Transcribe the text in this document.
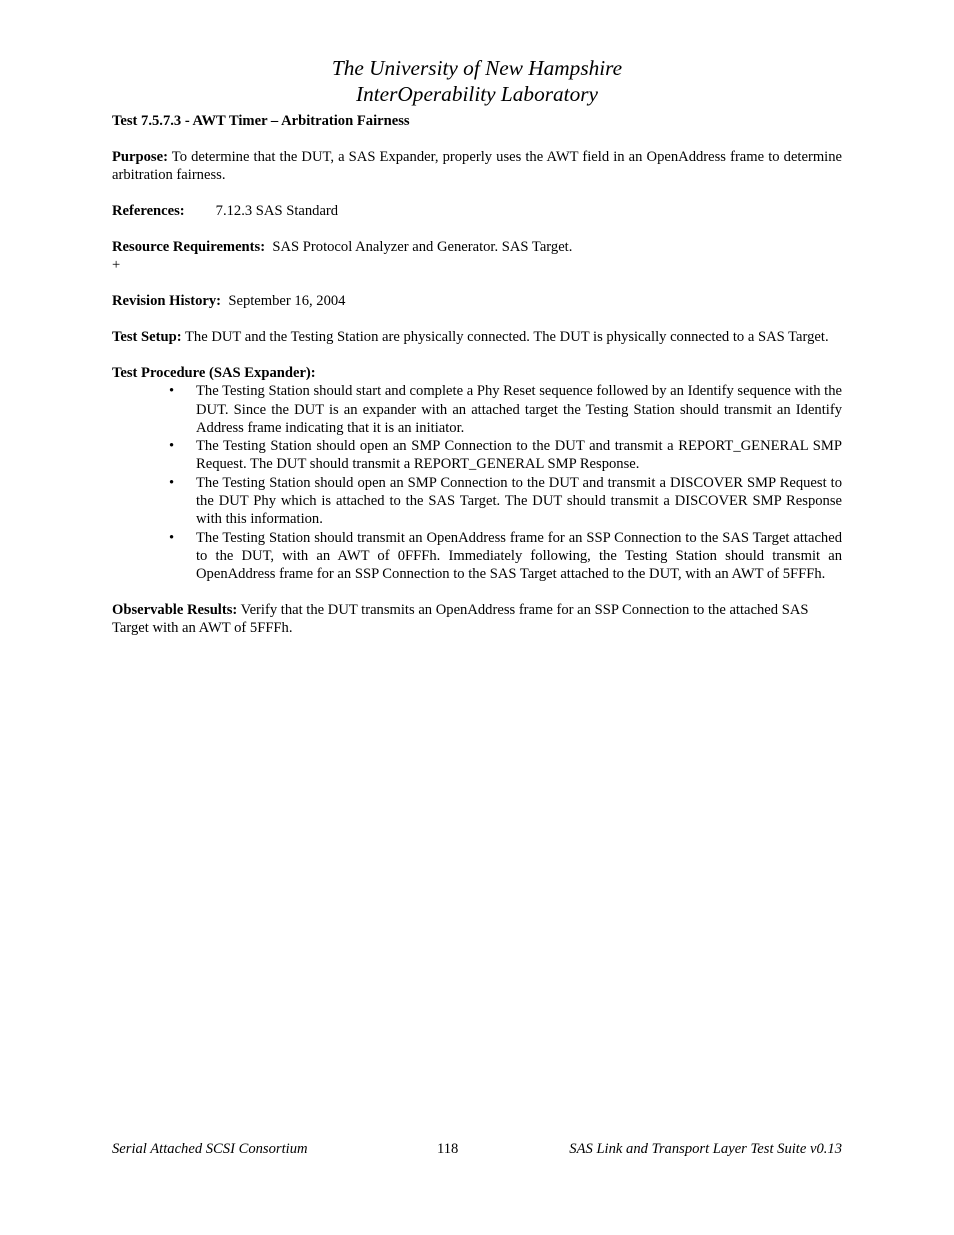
The University of New Hampshire
InterOperability Laboratory

Test 7.5.7.3 - AWT Timer – Arbitration Fairness

Purpose: To determine that the DUT, a SAS Expander, properly uses the AWT field in an OpenAddress frame to determine arbitration fairness.

References: 7.12.3 SAS Standard

Resource Requirements: SAS Protocol Analyzer and Generator. SAS Target.

+

Revision History: September 16, 2004

Test Setup: The DUT and the Testing Station are physically connected. The DUT is physically connected to a SAS Target.

Test Procedure (SAS Expander):

• The Testing Station should start and complete a Phy Reset sequence followed by an Identify sequence with the DUT. Since the DUT is an expander with an attached target the Testing Station should transmit an Identify Address frame indicating that it is an initiator.
• The Testing Station should open an SMP Connection to the DUT and transmit a REPORT_GENERAL SMP Request. The DUT should transmit a REPORT_GENERAL SMP Response.
• The Testing Station should open an SMP Connection to the DUT and transmit a DISCOVER SMP Request to the DUT Phy which is attached to the SAS Target. The DUT should transmit a DISCOVER SMP Response with this information.
• The Testing Station should transmit an OpenAddress frame for an SSP Connection to the SAS Target attached to the DUT, with an AWT of 0FFFh. Immediately following, the Testing Station should transmit an OpenAddress frame for an SSP Connection to the SAS Target attached to the DUT, with an AWT of 5FFFh.

Observable Results: Verify that the DUT transmits an OpenAddress frame for an SSP Connection to the attached SAS Target with an AWT of 5FFFh.

Serial Attached SCSI Consortium	118	SAS Link and Transport Layer Test Suite v0.13
